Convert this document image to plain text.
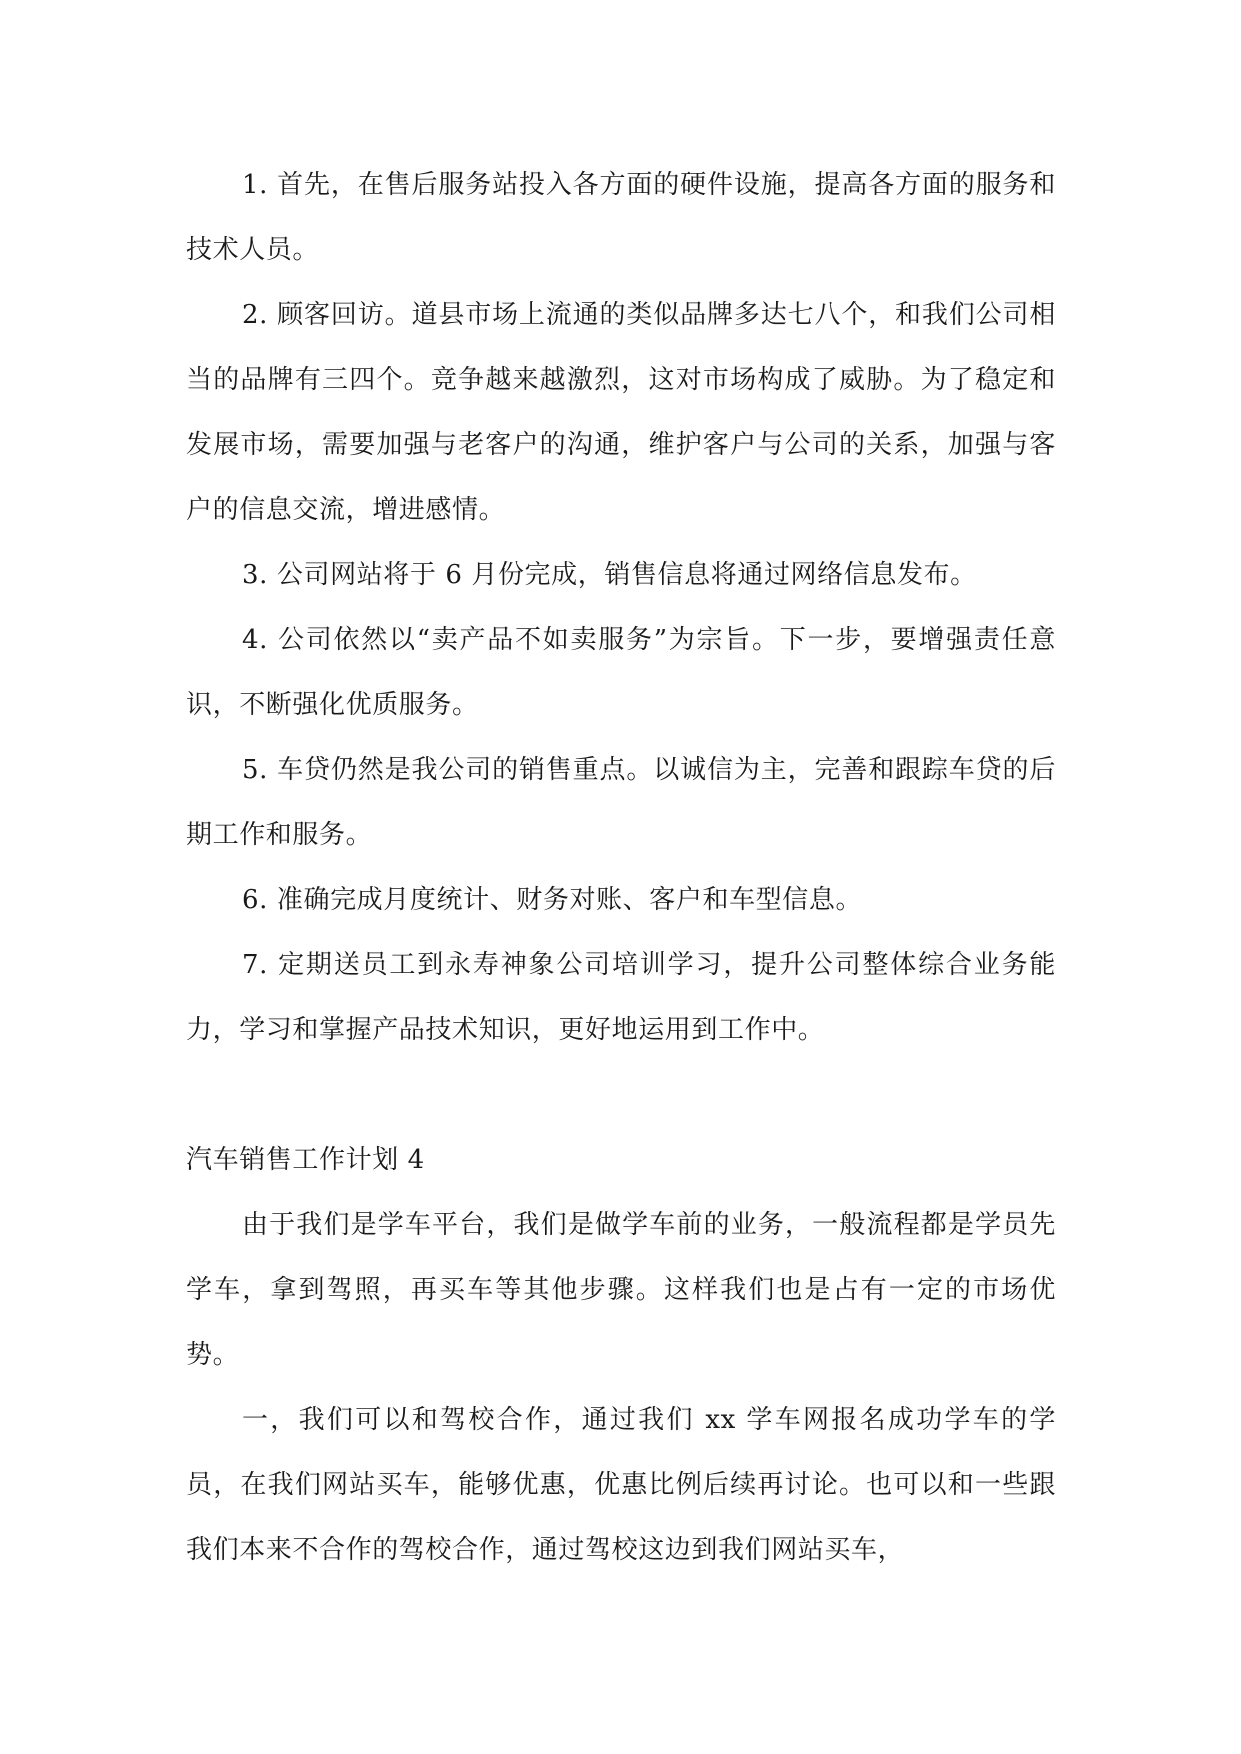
1. 首先，在售后服务站投入各方面的硬件设施，提高各方面的服务和技术人员。

2. 顾客回访。道县市场上流通的类似品牌多达七八个，和我们公司相当的品牌有三四个。竞争越来越激烈，这对市场构成了威胁。为了稳定和发展市场，需要加强与老客户的沟通，维护客户与公司的关系，加强与客户的信息交流，增进感情。

3. 公司网站将于 6 月份完成，销售信息将通过网络信息发布。

4. 公司依然以“卖产品不如卖服务”为宗旨。下一步，要增强责任意识，不断强化优质服务。

5. 车贷仍然是我公司的销售重点。以诚信为主，完善和跟踪车贷的后期工作和服务。

6. 准确完成月度统计、财务对账、客户和车型信息。

7. 定期送员工到永寿神象公司培训学习，提升公司整体综合业务能力，学习和掌握产品技术知识，更好地运用到工作中。

汽车销售工作计划 4

由于我们是学车平台，我们是做学车前的业务，一般流程都是学员先学车，拿到驾照，再买车等其他步骤。这样我们也是占有一定的市场优势。

一，我们可以和驾校合作，通过我们 xx 学车网报名成功学车的学员，在我们网站买车，能够优惠，优惠比例后续再讨论。也可以和一些跟我们本来不合作的驾校合作，通过驾校这边到我们网站买车，
